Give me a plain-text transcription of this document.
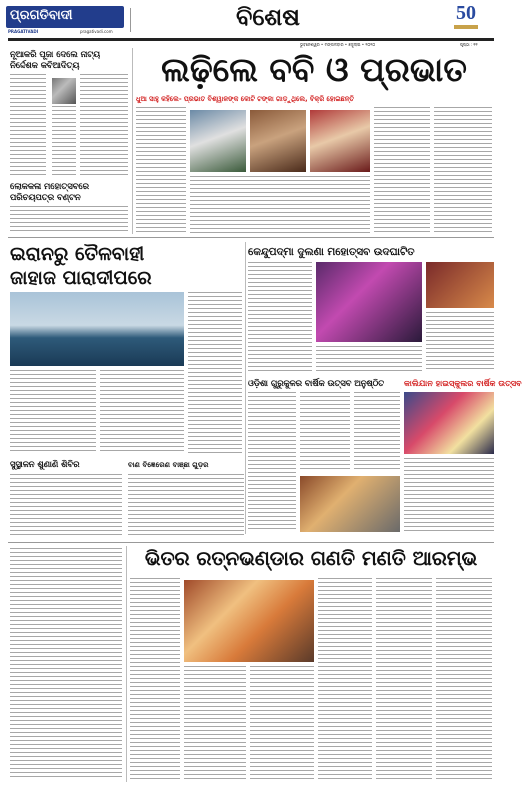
ପ୍ରଗତିବାଦୀ
PRAGATIVADI	pragativadi.com
ବିଶେଷ	50
ଭୁବନେଶ୍ୱର • ମଙ୍ଗଳବାର • ୭ଜୁଲାଇ • ୨୦୨୦	ପୃଷ୍ଠା : ୧୧
ନୂଆକରି ପୂଜା ଦେଲେ ନାଟ୍ୟ ନିର୍ଦ୍ଦେଶକ କବିଆଦିତ୍ୟ
ଲୋକକଳା ମହୋତ୍ସବରେ ପରିଚୟପତ୍ର ବଣ୍ଟନ
ଲଢ଼ିଲେ ବବି ଓ ପ୍ରଭାତ
ଧୁଆ ସାହୁ କହିଲେ- ପ୍ରଭାତ ବିଶ୍ୱାଳଙ୍କ କୋଟି ଟଙ୍କା ଗାଡ଼ୁଥିଲେ, ବିକ୍ରି ହୋଇଛନ୍ତି
ଇରାନରୁ ତୈଳବାହୀ ଜାହାଜ ପାରାଦୀପରେ
କେନ୍ଦୁପଦ୍ମା ଦୁଲଣା ମହୋତ୍ସବ ଉଦଘାଟିତ
ଓଡ଼ିଶା ଗୁରୁକୁଳର ବାର୍ଷିକ ଉତ୍ସବ ଅନୁଷ୍ଠିତ	କାଲିଯାନ ହାଇସ୍କୁଲର ବାର୍ଷିକ ଉତ୍ସବ
ସୁସ୍ଥାଳନ ଶୁଣାଣି ଶିବିର	ବାଣ ବିଜ୍ଞେରେଣ ବାଞ୍ଛା ଗୁଡ଼ର
ଭିତର ରତ୍ନଭଣ୍ଡାର ଗଣତି ମଣତି ଆରମ୍ଭ
